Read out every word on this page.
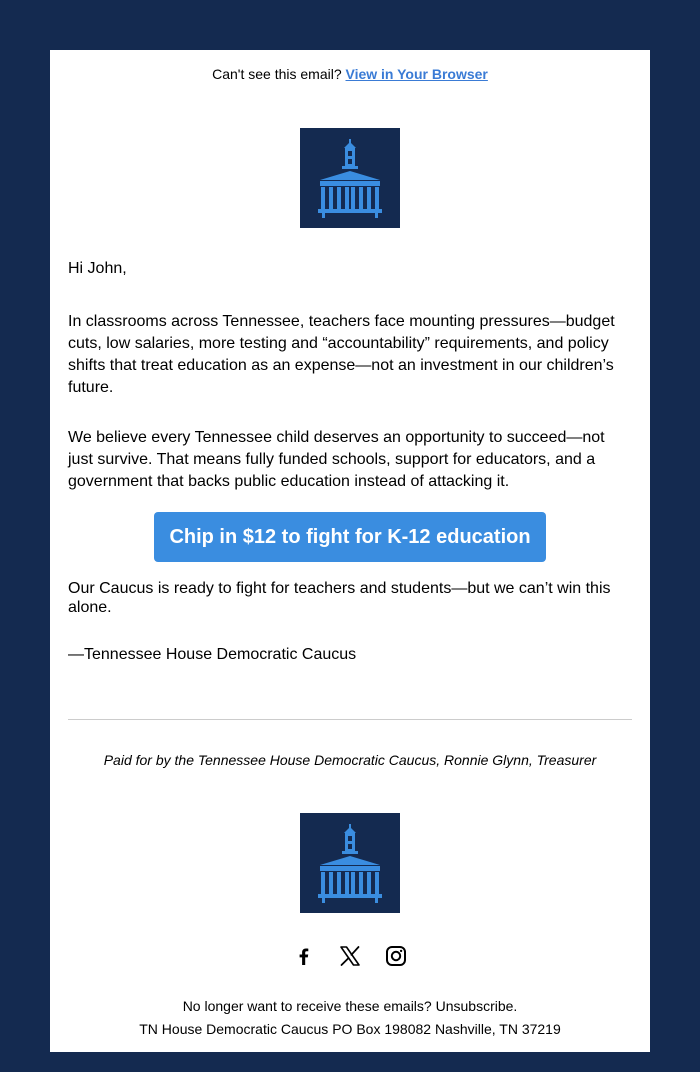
Can't see this email? View in Your Browser

Hi John,

In classrooms across Tennessee, teachers face mounting pressures—budget cuts, low salaries, more testing and “accountability” requirements, and policy shifts that treat education as an expense—not an investment in our children’s future.

We believe every Tennessee child deserves an opportunity to succeed—not just survive. That means fully funded schools, support for educators, and a government that backs public education instead of attacking it.

Chip in $12 to fight for K-12 education

Our Caucus is ready to fight for teachers and students—but we can’t win this alone.

—Tennessee House Democratic Caucus

Paid for by the Tennessee House Democratic Caucus, Ronnie Glynn, Treasurer
No longer want to receive these emails? Unsubscribe.
TN House Democratic Caucus PO Box 198082 Nashville, TN 37219
